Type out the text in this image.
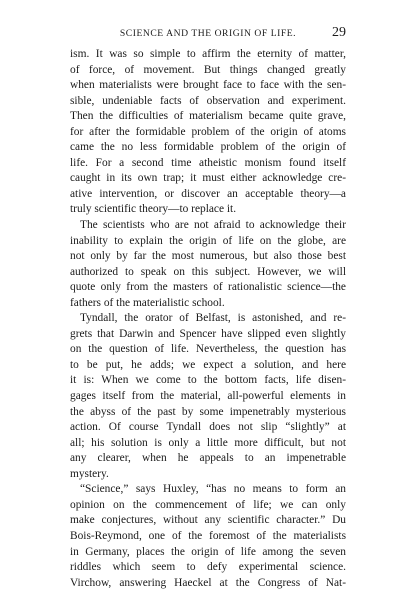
SCIENCE AND THE ORIGIN OF LIFE.	29
ism. It was so simple to affirm the eternity of matter,
of force, of movement. But things changed greatly
when materialists were brought face to face with the sen-
sible, undeniable facts of observation and experiment.
Then the difficulties of materialism became quite grave,
for after the formidable problem of the origin of atoms
came the no less formidable problem of the origin of
life. For a second time atheistic monism found itself
caught in its own trap; it must either acknowledge cre-
ative intervention, or discover an acceptable theory—a
truly scientific theory—to replace it.
The scientists who are not afraid to acknowledge their
inability to explain the origin of life on the globe, are
not only by far the most numerous, but also those best
authorized to speak on this subject. However, we will
quote only from the masters of rationalistic science—the
fathers of the materialistic school.
Tyndall, the orator of Belfast, is astonished, and re-
grets that Darwin and Spencer have slipped even slightly
on the question of life. Nevertheless, the question has
to be put, he adds; we expect a solution, and here
it is: When we come to the bottom facts, life disen-
gages itself from the material, all-powerful elements in
the abyss of the past by some impenetrably mysterious
action. Of course Tyndall does not slip “slightly” at
all; his solution is only a little more difficult, but not
any clearer, when he appeals to an impenetrable
mystery.
“Science,” says Huxley, “has no means to form an
opinion on the commencement of life; we can only
make conjectures, without any scientific character.” Du
Bois-Reymond, one of the foremost of the materialists
in Germany, places the origin of life among the seven
riddles which seem to defy experimental science.
Virchow, answering Haeckel at the Congress of Nat-
